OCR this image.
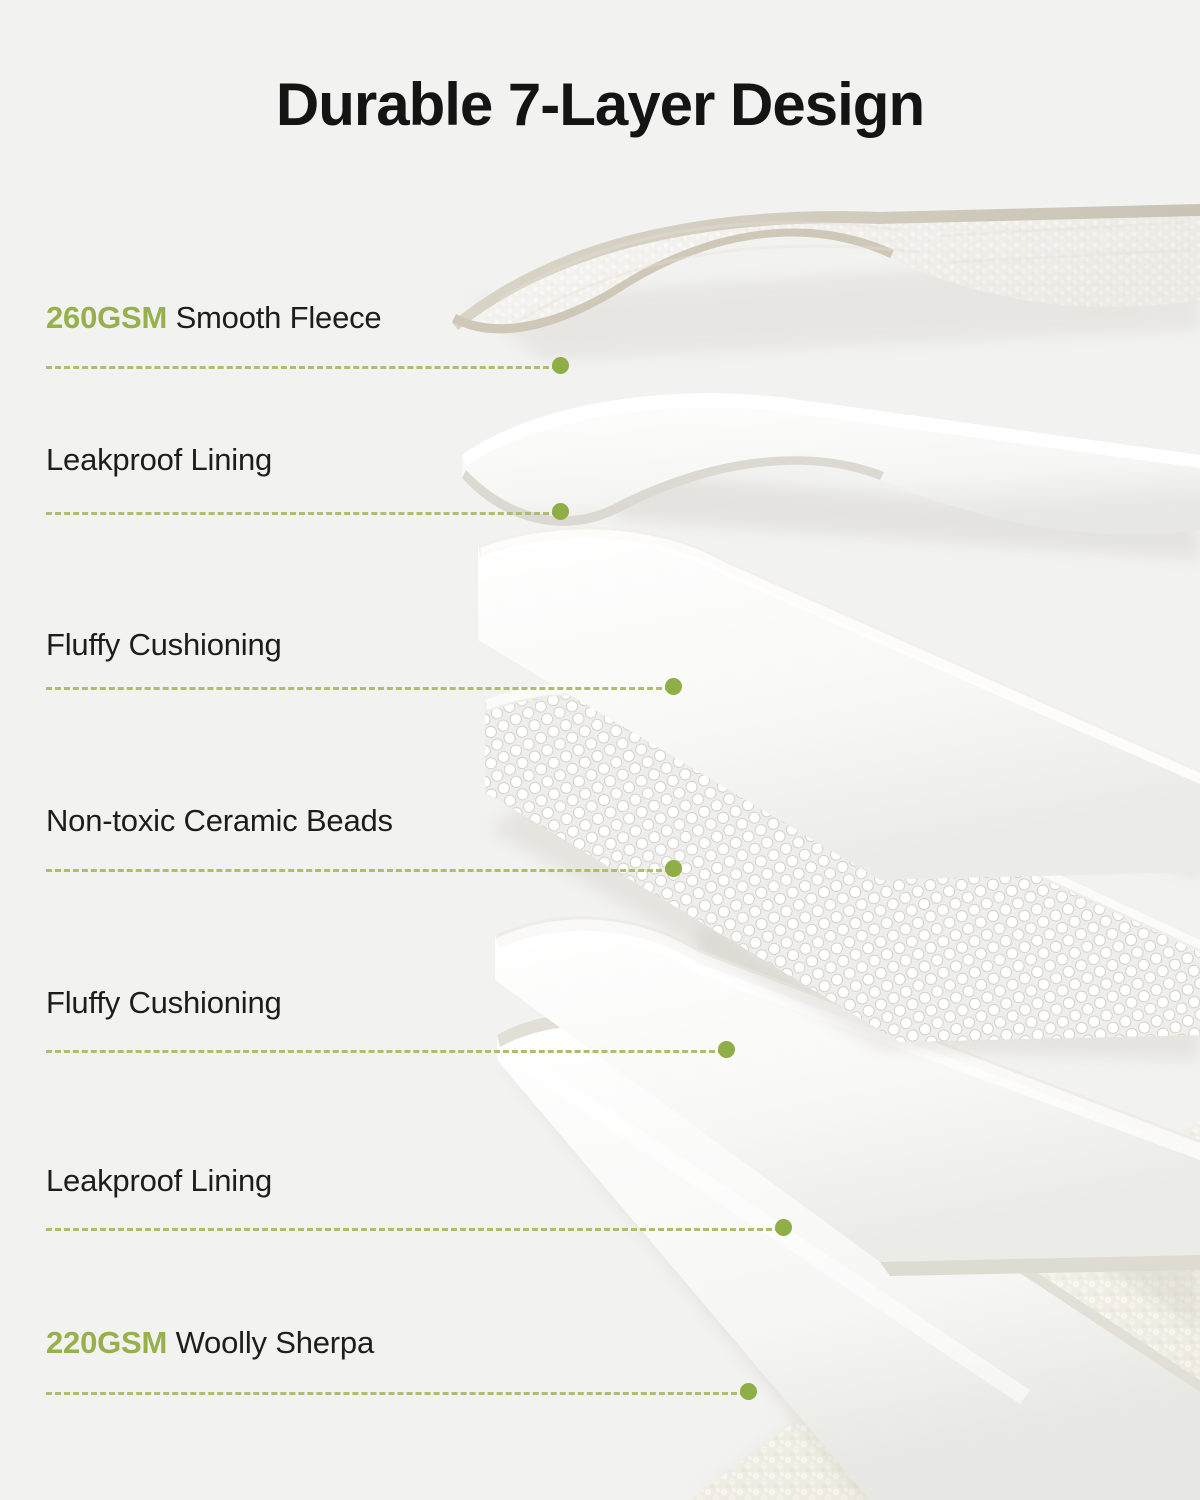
Durable 7-Layer Design
260GSM Smooth Fleece
Leakproof Lining
Fluffy Cushioning
Non-toxic Ceramic Beads
Fluffy Cushioning
Leakproof Lining
220GSM Woolly Sherpa
